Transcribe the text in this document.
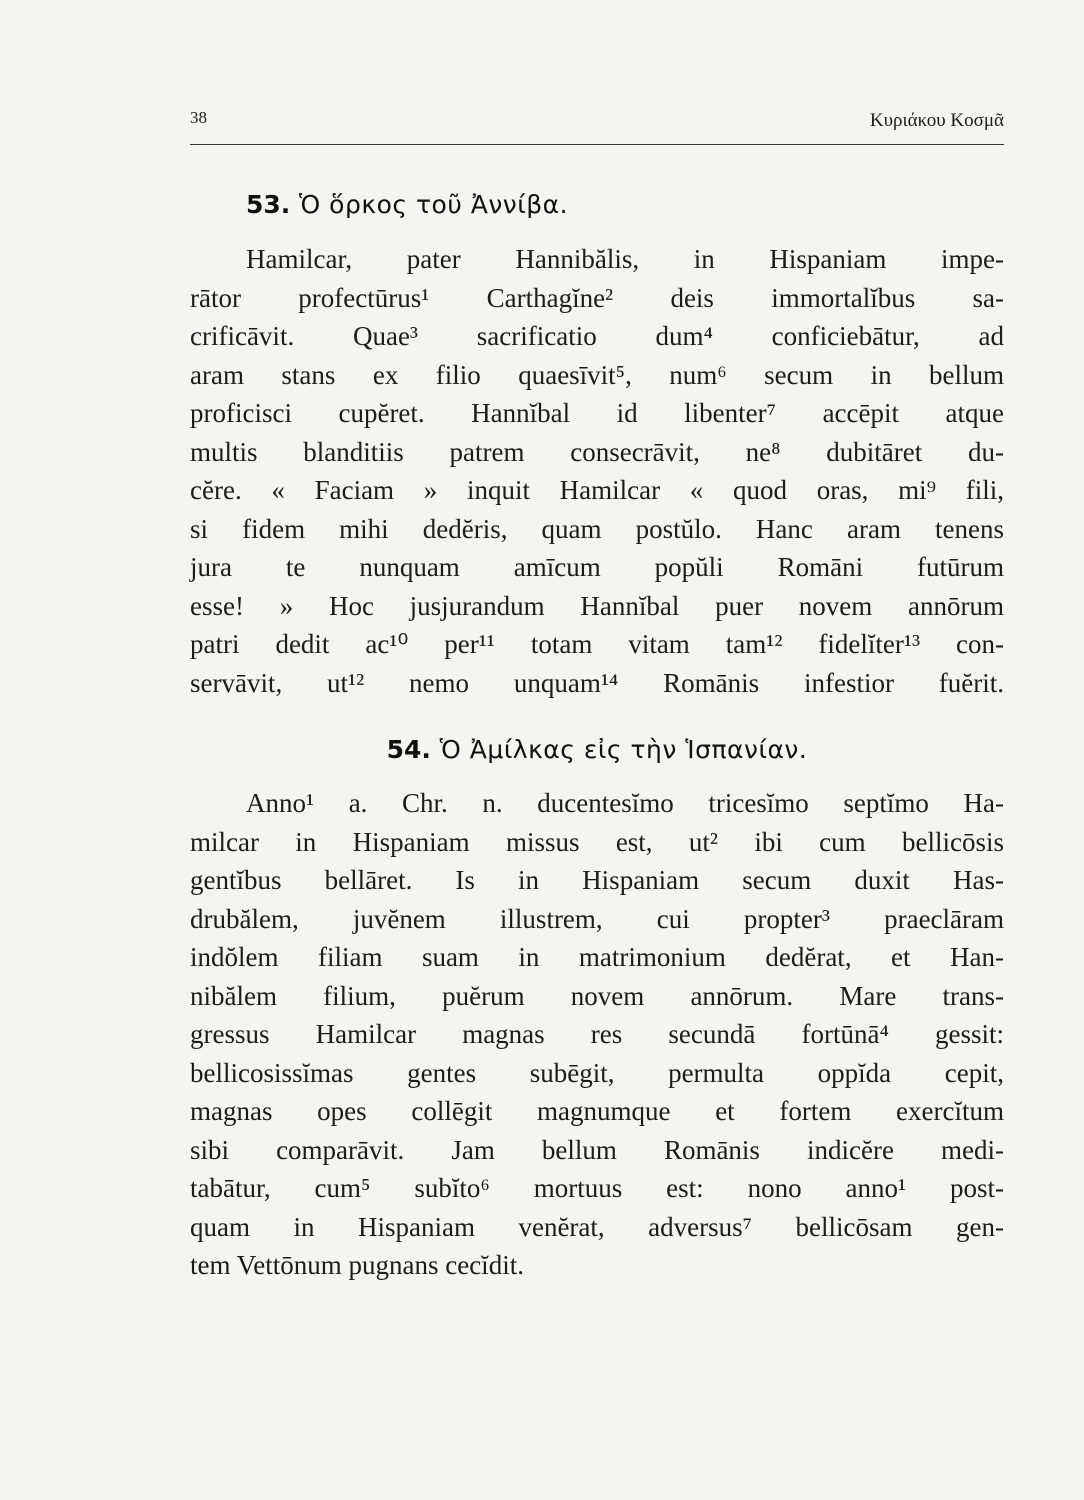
38	Κυριάκου Κοσμᾶ
53. Ὁ ὅρκος τοῦ Ἀννίβα.
Hamilcar, pater Hannibălis, in Hispaniam impe-
rātor profectūrus¹ Carthagĭne² deis immortalĭbus sa-
crificāvit. Quae³ sacrificatio dum⁴ conficiebātur, ad
aram stans ex filio quaesīvit⁵, num⁶ secum in bellum
proficisci cupĕret. Hannĭbal id libenter⁷ accēpit atque
multis blanditiis patrem consecrāvit, ne⁸ dubitāret du-
cĕre. « Faciam » inquit Hamilcar « quod oras, mi⁹ fili,
si fidem mihi dedĕris, quam postŭlo. Hanc aram tenens
jura te nunquam amīcum popŭli Romāni futūrum
esse! » Hoc jusjurandum Hannĭbal puer novem annōrum
patri dedit ac¹⁰ per¹¹ totam vitam tam¹² fidelĭter¹³ con-
servāvit, ut¹² nemo unquam¹⁴ Romānis infestior fuĕrit.
54. Ὁ Ἀμίλκας εἰς τὴν Ἱσπανίαν.
Anno¹ a. Chr. n. ducentesĭmo tricesĭmo septĭmo Ha-
milcar in Hispaniam missus est, ut² ibi cum bellicōsis
gentĭbus bellāret. Is in Hispaniam secum duxit Has-
drubălem, juvĕnem illustrem, cui propter³ praeclāram
indŏlem filiam suam in matrimonium dedĕrat, et Han-
nibălem filium, puĕrum novem annōrum. Mare trans-
gressus Hamilcar magnas res secundā fortūnā⁴ gessit:
bellicosissĭmas gentes subēgit, permulta oppĭda cepit,
magnas opes collēgit magnumque et fortem exercĭtum
sibi comparāvit. Jam bellum Romānis indicĕre medi-
tabātur, cum⁵ subĭto⁶ mortuus est: nono anno¹ post-
quam in Hispaniam venĕrat, adversus⁷ bellicōsam gen-
tem Vettōnum pugnans cecĭdit.
